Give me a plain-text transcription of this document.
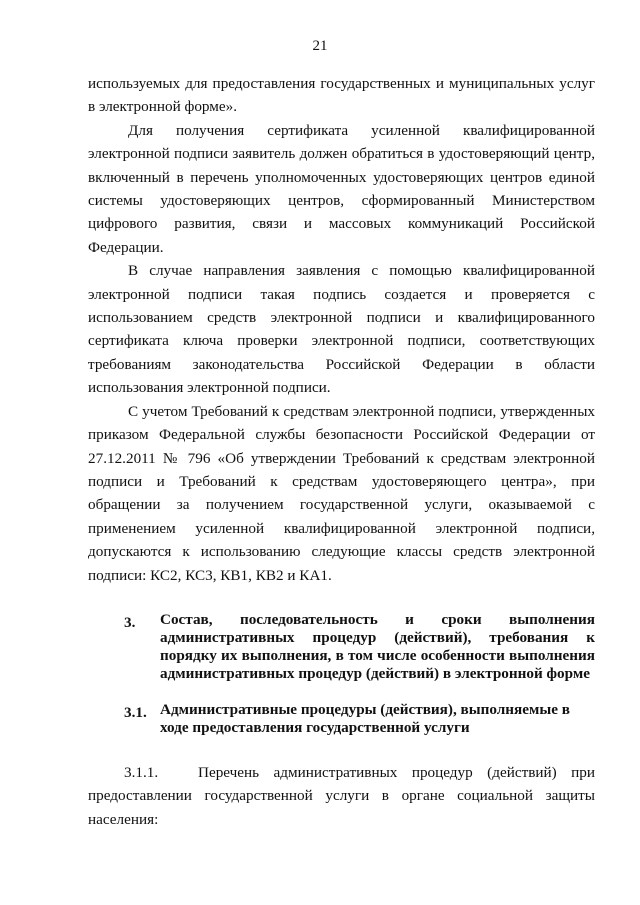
21

используемых для предоставления государственных и муниципальных услуг в электронной форме».

Для получения сертификата усиленной квалифицированной электронной подписи заявитель должен обратиться в удостоверяющий центр, включенный в перечень уполномоченных удостоверяющих центров единой системы удостоверяющих центров, сформированный Министерством цифрового развития, связи и массовых коммуникаций Российской Федерации.

В случае направления заявления с помощью квалифицированной электронной подписи такая подпись создается и проверяется с использованием средств электронной подписи и квалифицированного сертификата ключа проверки электронной подписи, соответствующих требованиям законодательства Российской Федерации в области использования электронной подписи.

С учетом Требований к средствам электронной подписи, утвержденных приказом Федеральной службы безопасности Российской Федерации от 27.12.2011 № 796 «Об утверждении Требований к средствам электронной подписи и Требований к средствам удостоверяющего центра», при обращении за получением государственной услуги, оказываемой с применением усиленной квалифицированной электронной подписи, допускаются к использованию следующие классы средств электронной подписи: КС2, КС3, КВ1, КВ2 и КА1.

3. Состав, последовательность и сроки выполнения административных процедур (действий), требования к порядку их выполнения, в том числе особенности выполнения административных процедур (действий) в электронной форме
3.1. Административные процедуры (действия), выполняемые в ходе предоставления государственной услуги

3.1.1.	Перечень административных процедур (действий) при предоставлении государственной услуги в органе социальной защиты населения:
